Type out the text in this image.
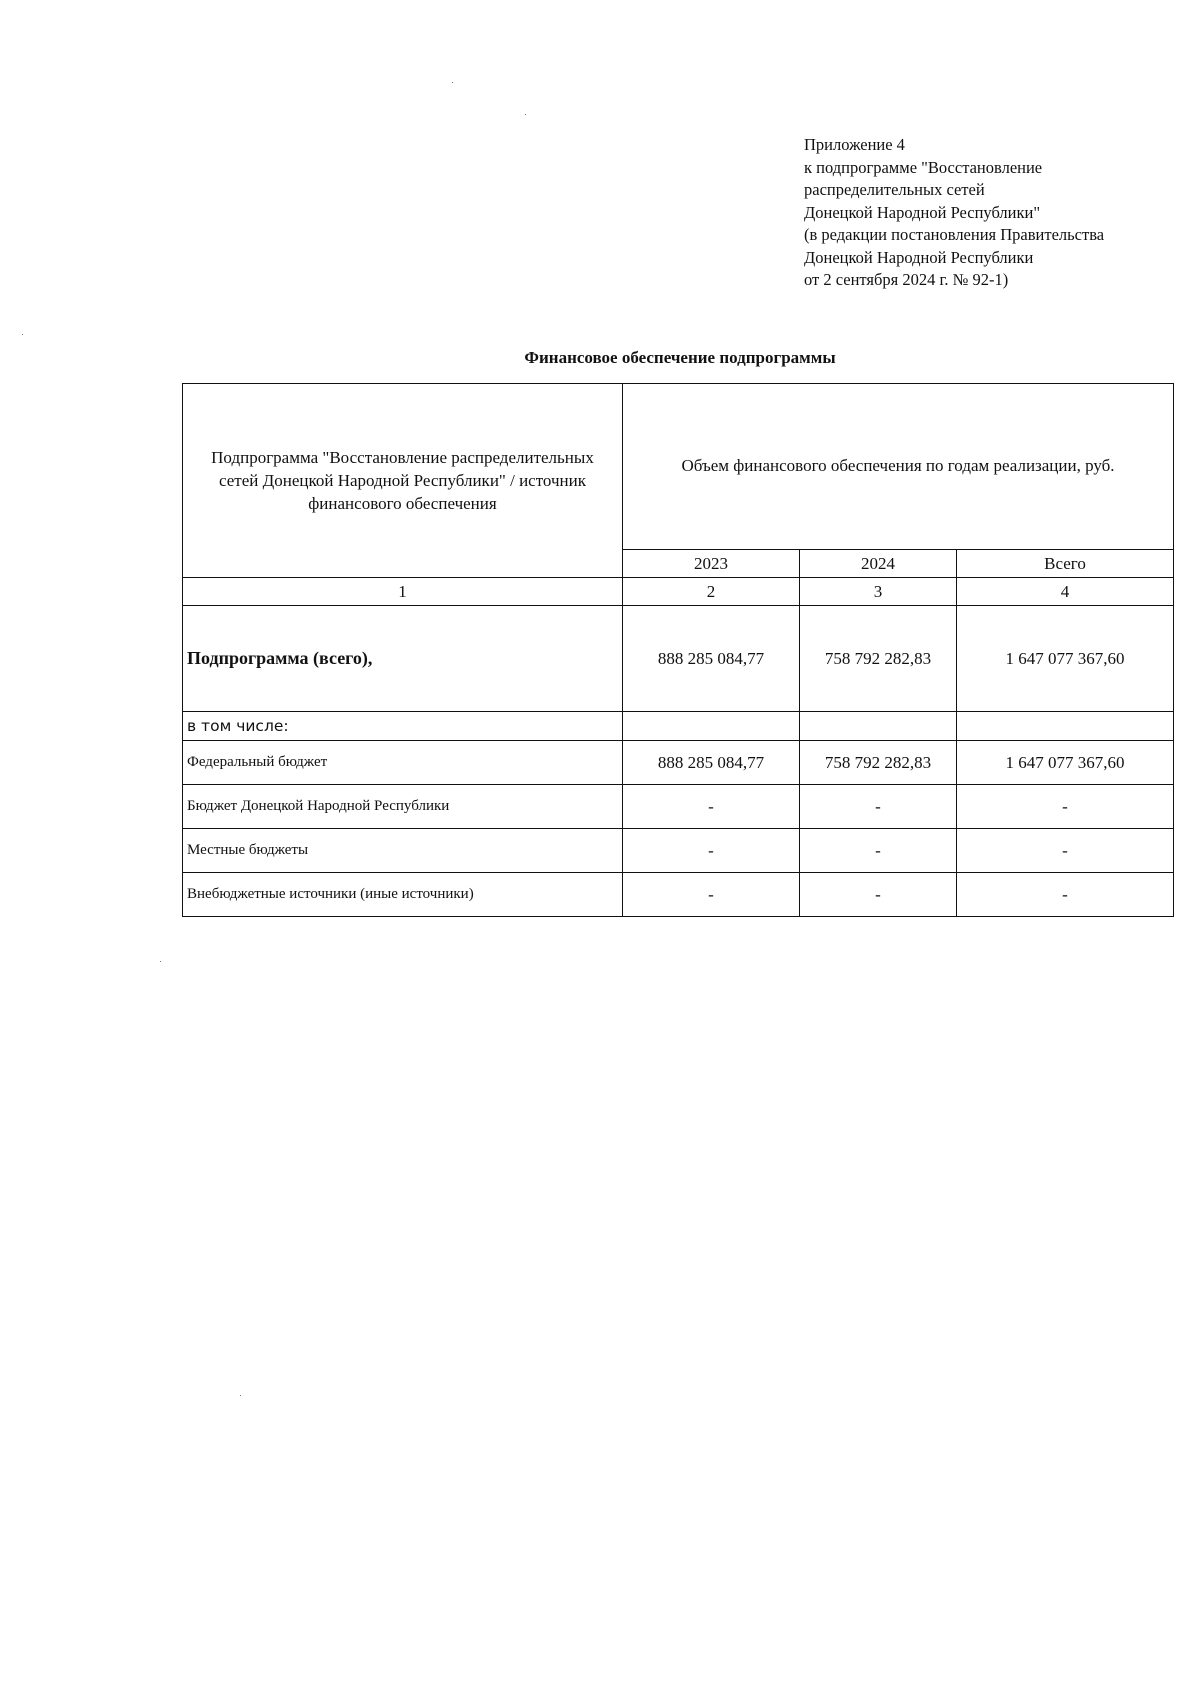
Приложение 4
к подпрограмме "Восстановление
распределительных сетей
Донецкой Народной Республики"
(в редакции постановления Правительства
Донецкой Народной Республики
от 2 сентября 2024 г. № 92-1)
Финансовое обеспечение подпрограммы
Подпрограмма "Восстановление распределительных сетей Донецкой Народной Республики" / источник финансового обеспечения	Объем финансового обеспечения по годам реализации, руб.		

	2023	2024	Всего
1	2	3	4
Подпрограмма (всего),	888 285 084,77	758 792 282,83	1 647 077 367,60
в том числе:			
Федеральный бюджет	888 285 084,77	758 792 282,83	1 647 077 367,60
Бюджет Донецкой Народной Республики	-	-	-
Местные бюджеты	-	-	-
Внебюджетные источники (иные источники)	-	-	-
